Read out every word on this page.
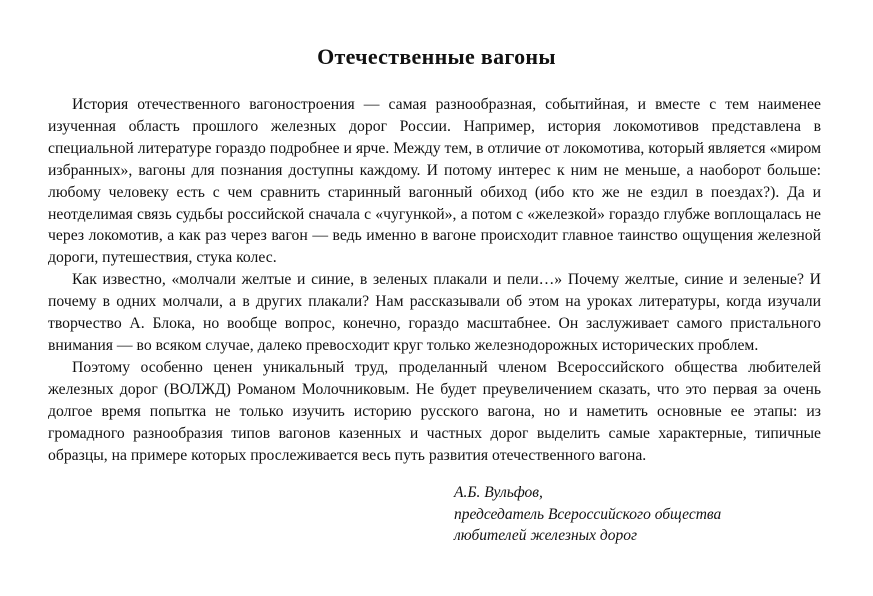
Отечественные вагоны

История отечественного вагоностроения — самая разнообразная, событийная, и вместе с тем наименее изученная область прошлого железных дорог России. Например, история локомотивов представлена в специальной литературе гораздо подробнее и ярче. Между тем, в отличие от локомотива, который является «миром избранных», вагоны для познания доступны каждому. И потому интерес к ним не меньше, а наоборот больше: любому человеку есть с чем сравнить старинный вагонный обиход (ибо кто же не ездил в поездах?). Да и неотделимая связь судьбы российской сначала с «чугункой», а потом с «железкой» гораздо глубже воплощалась не через локомотив, а как раз через вагон — ведь именно в вагоне происходит главное таинство ощущения железной дороги, путешествия, стука колес.

Как известно, «молчали желтые и синие, в зеленых плакали и пели…» Почему желтые, синие и зеленые? И почему в одних молчали, а в других плакали? Нам рассказывали об этом на уроках литературы, когда изучали творчество А. Блока, но вообще вопрос, конечно, гораздо масштабнее. Он заслуживает самого пристального внимания — во всяком случае, далеко превосходит круг только железнодорожных исторических проблем.

Поэтому особенно ценен уникальный труд, проделанный членом Всероссийского общества любителей железных дорог (ВОЛЖД) Романом Молочниковым. Не будет преувеличением сказать, что это первая за очень долгое время попытка не только изучить историю русского вагона, но и наметить основные ее этапы: из громадного разнообразия типов вагонов казенных и частных дорог выделить самые характерные, типичные образцы, на примере которых прослеживается весь путь развития отечественного вагона.

А.Б. Вульфов,
председатель Всероссийского общества
любителей железных дорог
